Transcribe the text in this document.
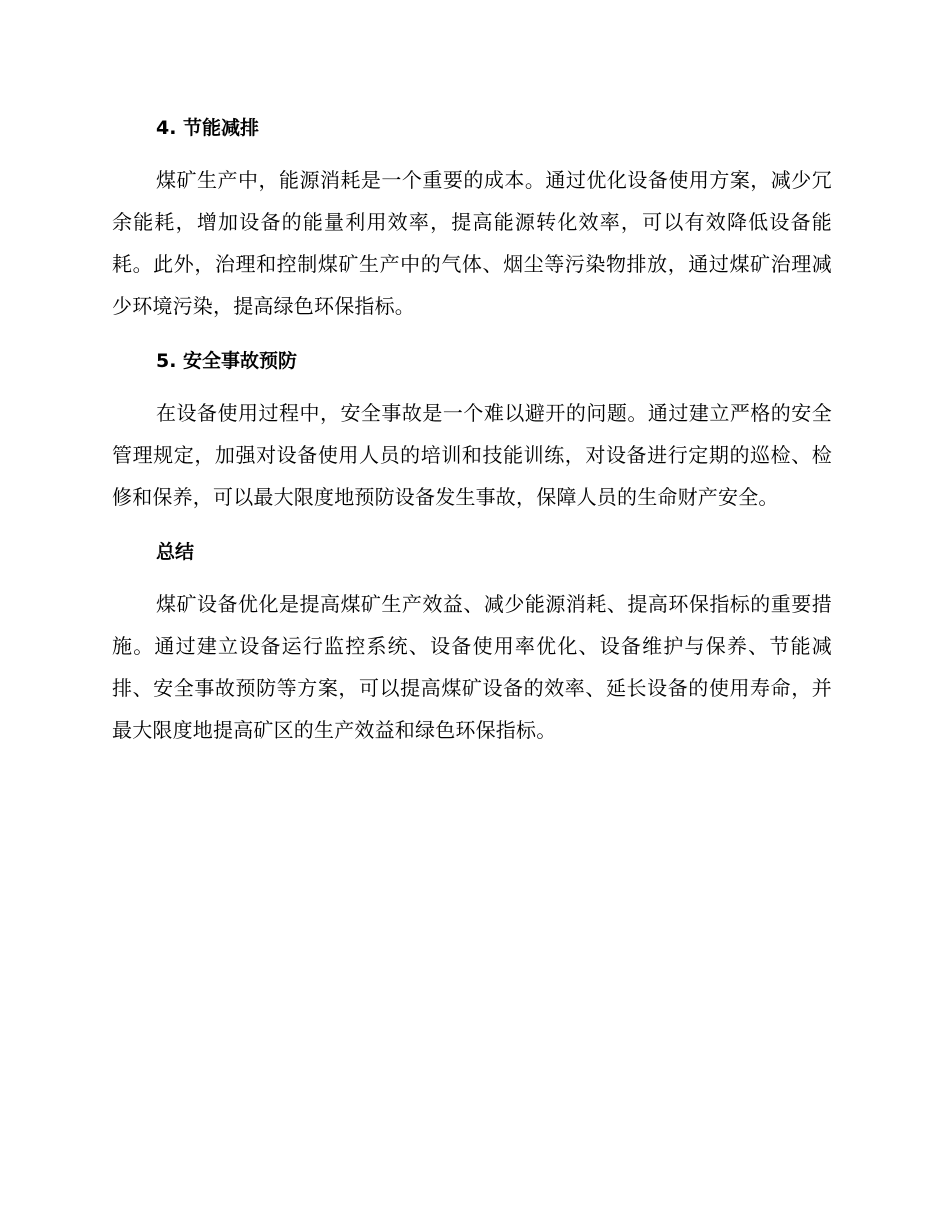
4. 节能减排

煤矿生产中，能源消耗是一个重要的成本。通过优化设备使用方案，减少冗余能耗，增加设备的能量利用效率，提高能源转化效率，可以有效降低设备能耗。此外，治理和控制煤矿生产中的气体、烟尘等污染物排放，通过煤矿治理减少环境污染，提高绿色环保指标。

5. 安全事故预防

在设备使用过程中，安全事故是一个难以避开的问题。通过建立严格的安全管理规定，加强对设备使用人员的培训和技能训练，对设备进行定期的巡检、检修和保养，可以最大限度地预防设备发生事故，保障人员的生命财产安全。

总结

煤矿设备优化是提高煤矿生产效益、减少能源消耗、提高环保指标的重要措施。通过建立设备运行监控系统、设备使用率优化、设备维护与保养、节能减排、安全事故预防等方案，可以提高煤矿设备的效率、延长设备的使用寿命，并最大限度地提高矿区的生产效益和绿色环保指标。
